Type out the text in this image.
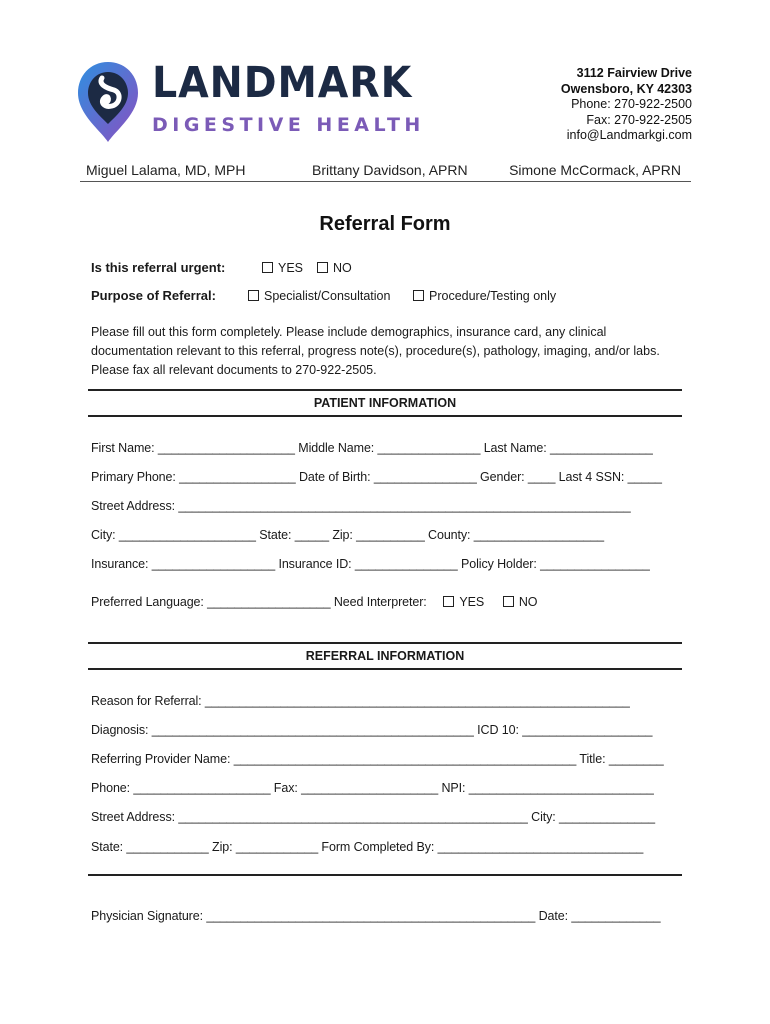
LANDMARK
DIGESTIVE HEALTH
3112 Fairview Drive
Owensboro, KY 42303
Phone: 270-922-2500
Fax: 270-922-2505
info@Landmarkgi.com
Miguel Lalama, MD, MPH	Brittany Davidson, APRN	Simone McCormack, APRN
Referral Form
Is this referral urgent:	YES	NO
Purpose of Referral:	Specialist/Consultation	Procedure/Testing only
Please fill out this form completely. Please include demographics, insurance card, any clinical documentation relevant to this referral, progress note(s), procedure(s), pathology, imaging, and/or labs. Please fax all relevant documents to 270-922-2505.
PATIENT INFORMATION
First Name: ____________________ Middle Name: _______________ Last Name: _______________
Primary Phone: _________________ Date of Birth: _______________ Gender: ____ Last 4 SSN: _____
Street Address: __________________________________________________________________
City: ____________________ State: _____ Zip: __________ County: ___________________
Insurance: __________________ Insurance ID: _______________ Policy Holder: ________________
Preferred Language: __________________ Need Interpreter:	YES	NO
REFERRAL INFORMATION
Reason for Referral: ______________________________________________________________
Diagnosis: _______________________________________________ ICD 10: ___________________
Referring Provider Name: __________________________________________________ Title: ________
Phone: ____________________ Fax: ____________________ NPI: ___________________________
Street Address: ___________________________________________________ City: ______________
State: ____________ Zip: ____________ Form Completed By: ______________________________
Physician Signature: ________________________________________________ Date: _____________
